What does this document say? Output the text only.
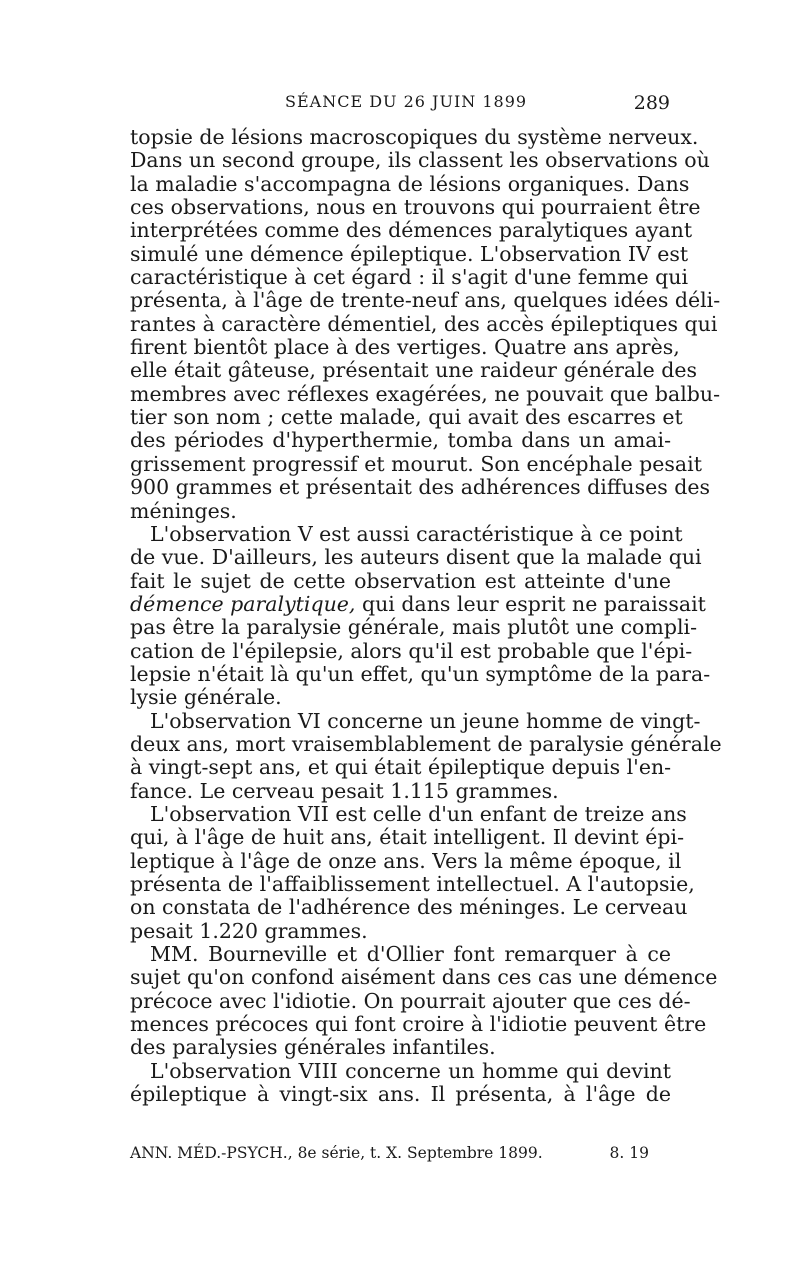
SÉANCE DU 26 JUIN 1899	289
topsie de lésions macroscopiques du système nerveux.
Dans un second groupe, ils classent les observations où
la maladie s'accompagna de lésions organiques. Dans
ces observations, nous en trouvons qui pourraient être
interprétées comme des démences paralytiques ayant
simulé une démence épileptique. L'observation IV est
caractéristique à cet égard : il s'agit d'une femme qui
présenta, à l'âge de trente-neuf ans, quelques idées déli-
rantes à caractère démentiel, des accès épileptiques qui
firent bientôt place à des vertiges. Quatre ans après,
elle était gâteuse, présentait une raideur générale des
membres avec réflexes exagérées, ne pouvait que balbu-
tier son nom ; cette malade, qui avait des escarres et
des périodes d'hyperthermie, tomba dans un amai-
grissement progressif et mourut. Son encéphale pesait
900 grammes et présentait des adhérences diffuses des
méninges.
L'observation V est aussi caractéristique à ce point
de vue. D'ailleurs, les auteurs disent que la malade qui
fait le sujet de cette observation est atteinte d'une
démence paralytique, qui dans leur esprit ne paraissait
pas être la paralysie générale, mais plutôt une compli-
cation de l'épilepsie, alors qu'il est probable que l'épi-
lepsie n'était là qu'un effet, qu'un symptôme de la para-
lysie générale.
L'observation VI concerne un jeune homme de vingt-
deux ans, mort vraisemblablement de paralysie générale
à vingt-sept ans, et qui était épileptique depuis l'en-
fance. Le cerveau pesait 1.115 grammes.
L'observation VII est celle d'un enfant de treize ans
qui, à l'âge de huit ans, était intelligent. Il devint épi-
leptique à l'âge de onze ans. Vers la même époque, il
présenta de l'affaiblissement intellectuel. A l'autopsie,
on constata de l'adhérence des méninges. Le cerveau
pesait 1.220 grammes.
MM. Bourneville et d'Ollier font remarquer à ce
sujet qu'on confond aisément dans ces cas une démence
précoce avec l'idiotie. On pourrait ajouter que ces dé-
mences précoces qui font croire à l'idiotie peuvent être
des paralysies générales infantiles.
L'observation VIII concerne un homme qui devint
épileptique à vingt-six ans. Il présenta, à l'âge de
ANN. MÉD.-PSYCH., 8e série, t. X. Septembre 1899.	8. 19
